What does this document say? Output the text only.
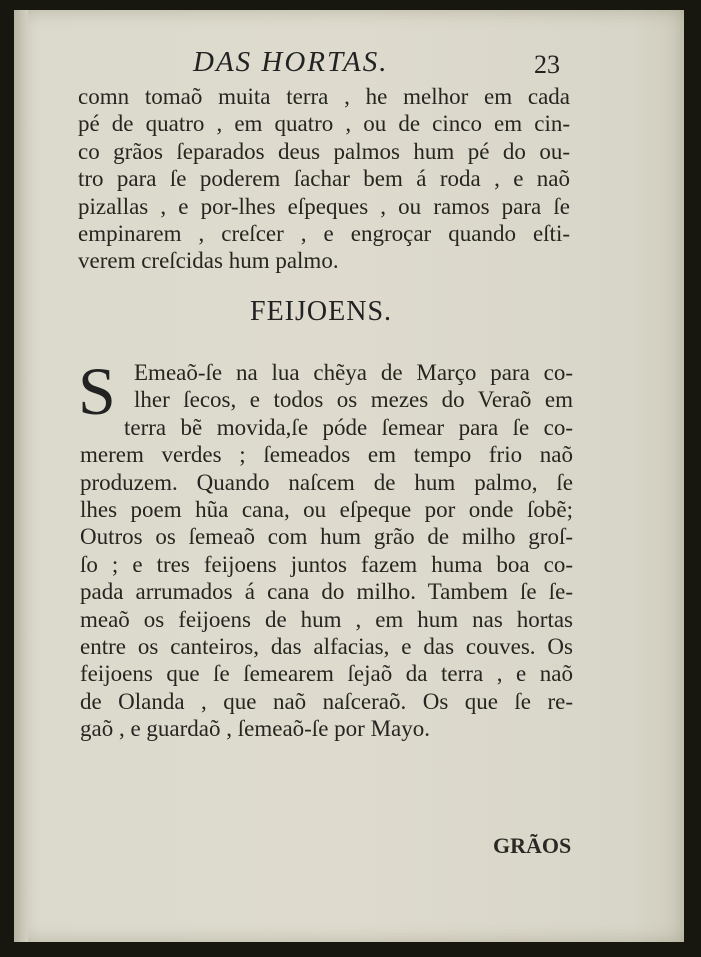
DAS HORTAS.	23
comn tomaõ muita terra , he melhor em cada
pé de quatro , em quatro , ou de cinco em cin-
co grãos ſeparados deus palmos hum pé do ou-
tro para ſe poderem ſachar bem á roda , e naõ
pizallas , e por-lhes eſpeques , ou ramos para ſe
empinarem , creſcer , e engroçar quando eſti-
verem creſcidas hum palmo.
FEIJOENS.
S Emeaõ-ſe na lua chẽya de Março para co-
lher ſecos, e todos os mezes do Veraõ em
terra bẽ movida,ſe póde ſemear para ſe co-
merem verdes ; ſemeados em tempo frio naõ
produzem. Quando naſcem de hum palmo, ſe
lhes poem hũa cana, ou eſpeque por onde ſobẽ;
Outros os ſemeaõ com hum grão de milho groſ-
ſo ; e tres feijoens juntos fazem huma boa co-
pada arrumados á cana do milho. Tambem ſe ſe-
meaõ os feijoens de hum , em hum nas hortas
entre os canteiros, das alfacias, e das couves. Os
feijoens que ſe ſemearem ſejaõ da terra , e naõ
de Olanda , que naõ naſceraõ. Os que ſe re-
gaõ , e guardaõ , ſemeaõ-ſe por Mayo.
GRÃOS
